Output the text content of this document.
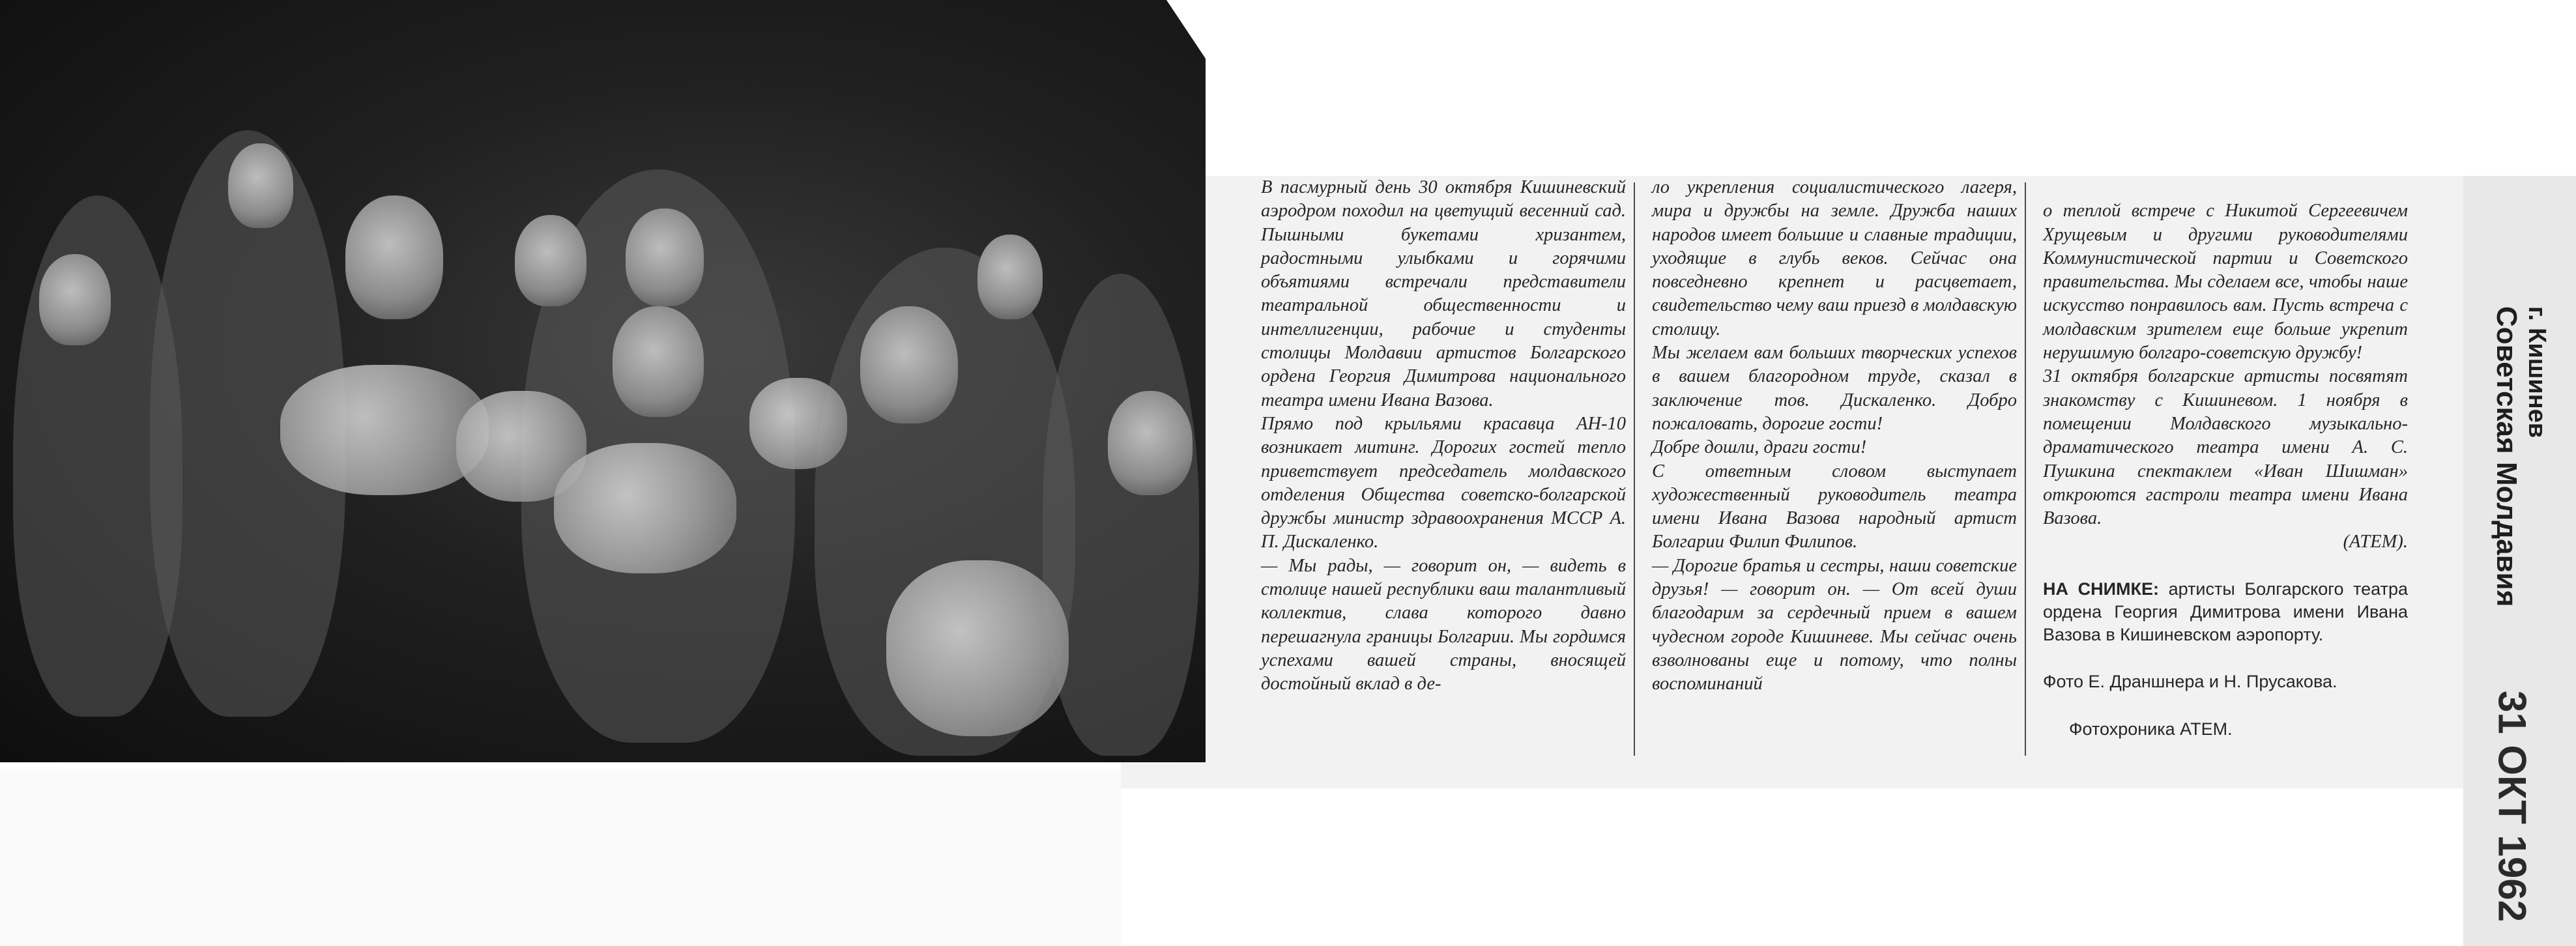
В пасмурный день 30 октября Кишиневский аэродром походил на цветущий весенний сад. Пышными букетами хризантем, радостными улыбками и горячими объятиями встречали представители театральной общественности и интеллигенции, рабочие и студенты столицы Молдавии артистов Болгарского ордена Георгия Димитрова национального театра имени Ивана Вазова.
Прямо под крыльями красавца АН-10 возникает митинг. Дорогих гостей тепло приветствует председатель молдавского отделения Общества советско-болгарской дружбы министр здравоохранения МССР А. П. Дискаленко.
— Мы рады, — говорит он, — видеть в столице нашей республики ваш талантливый коллектив, слава которого давно перешагнула границы Болгарии. Мы гордимся успехами вашей страны, вносящей достойный вклад в де-
ло укрепления социалистического лагеря, мира и дружбы на земле. Дружба наших народов имеет большие и славные традиции, уходящие в глубь веков. Сейчас она повседневно крепнет и расцветает, свидетельство чему ваш приезд в молдавскую столицу.
Мы желаем вам больших творческих успехов в вашем благородном труде, сказал в заключение тов. Дискаленко. Добро пожаловать, дорогие гости!
Добре дошли, драги гости!
С ответным словом выступает художественный руководитель театра имени Ивана Вазова народный артист Болгарии Филип Филипов.
— Дорогие братья и сестры, наши советские друзья! — говорит он. — От всей души благодарим за сердечный прием в вашем чудесном городе Кишиневе. Мы сейчас очень взволнованы еще и потому, что полны воспоминаний

о теплой встрече с Никитой Сергеевичем Хрущевым и другими руководителями Коммунистической партии и Советского правительства. Мы сделаем все, чтобы наше искусство понравилось вам. Пусть встреча с молдавским зрителем еще больше укрепит нерушимую болгаро-советскую дружбу!
31 октября болгарские артисты посвятят знакомству с Кишиневом. 1 ноября в помещении Молдавского музыкально-драматического театра имени А. С. Пушкина спектаклем «Иван Шишман» откроются гастроли театра имени Ивана Вазова.

(АТЕМ).

НА СНИМКЕ: артисты Болгарского театра ордена Георгия Димитрова имени Ивана Вазова в Кишиневском аэропорту.

Фото Е. Драншнера и Н. Прусакова.

Фотохроника АТЕМ.

Советская Молдавия г. Кишинев
31 ОКТ 1962
